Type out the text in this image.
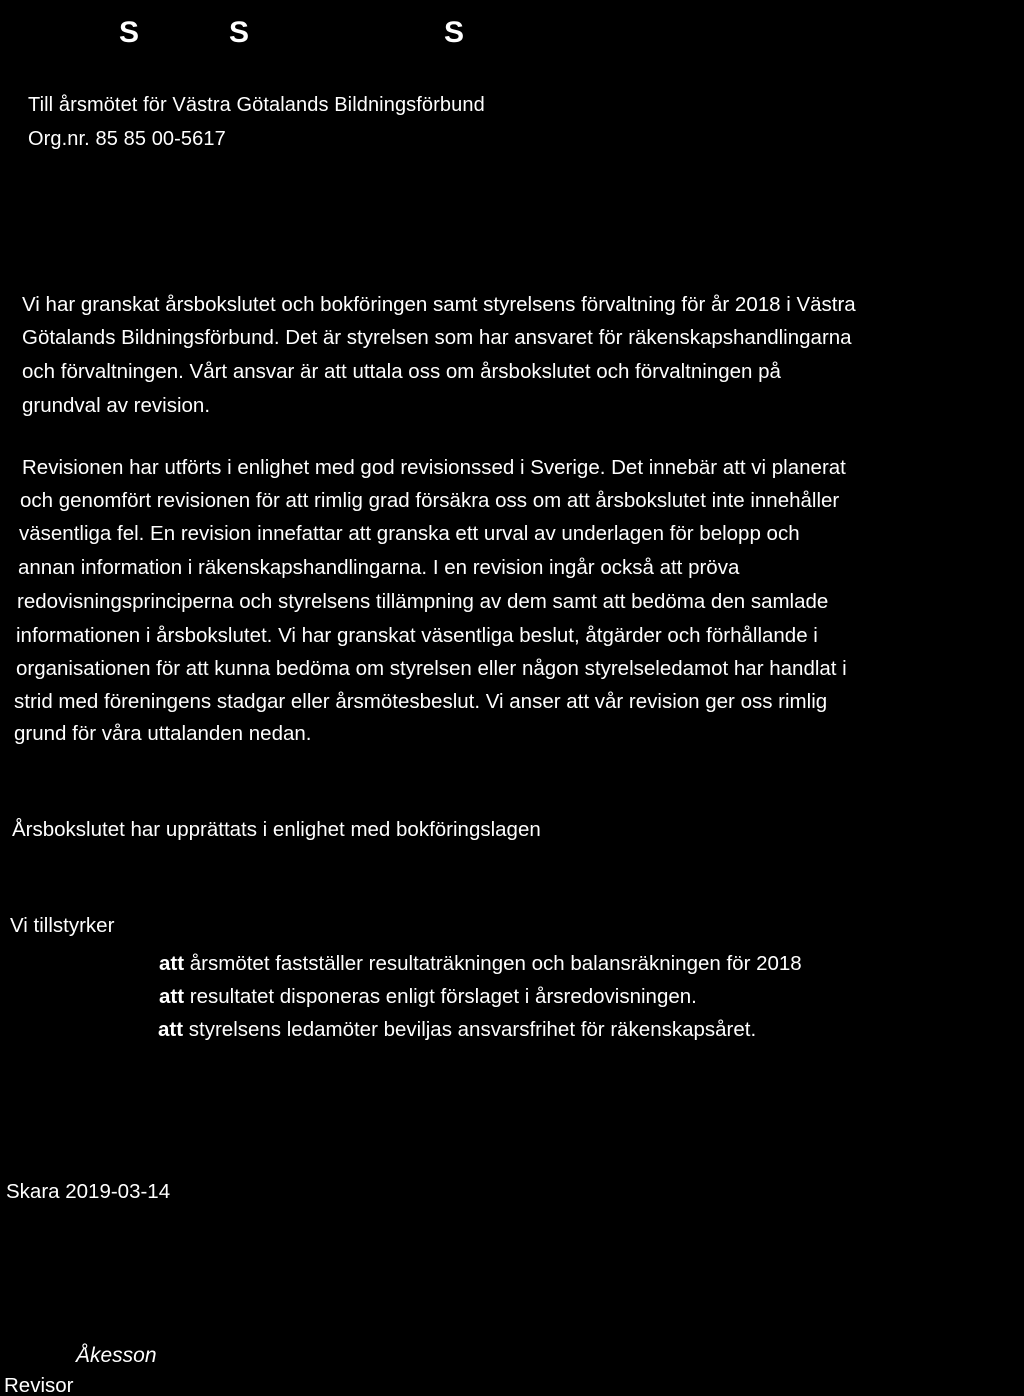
S	S	S
Till årsmötet för Västra Götalands Bildningsförbund
Org.nr. 85 85 00-5617
Vi har granskat årsbokslutet och bokföringen samt styrelsens förvaltning för år 2018 i Västra
Götalands Bildningsförbund. Det är styrelsen som har ansvaret för räkenskapshandlingarna
och förvaltningen. Vårt ansvar är att uttala oss om årsbokslutet och förvaltningen på
grundval av revision.
Revisionen har utförts i enlighet med god revisionssed i Sverige. Det innebär att vi planerat
och genomfört revisionen för att rimlig grad försäkra oss om att årsbokslutet inte innehåller
väsentliga fel. En revision innefattar att granska ett urval av underlagen för belopp och
annan information i räkenskapshandlingarna. I en revision ingår också att pröva
redovisningsprinciperna och styrelsens tillämpning av dem samt att bedöma den samlade
informationen i årsbokslutet. Vi har granskat väsentliga beslut, åtgärder och förhållande i
organisationen för att kunna bedöma om styrelsen eller någon styrelseledamot har handlat i
strid med föreningens stadgar eller årsmötesbeslut. Vi anser att vår revision ger oss rimlig
grund för våra uttalanden nedan.
Årsbokslutet har upprättats i enlighet med bokföringslagen
Vi tillstyrker
att årsmötet fastställer resultaträkningen och balansräkningen för 2018
att resultatet disponeras enligt förslaget i årsredovisningen.
att styrelsens ledamöter beviljas ansvarsfrihet för räkenskapsåret.
Skara 2019-03-14
Åkesson
Revisor
